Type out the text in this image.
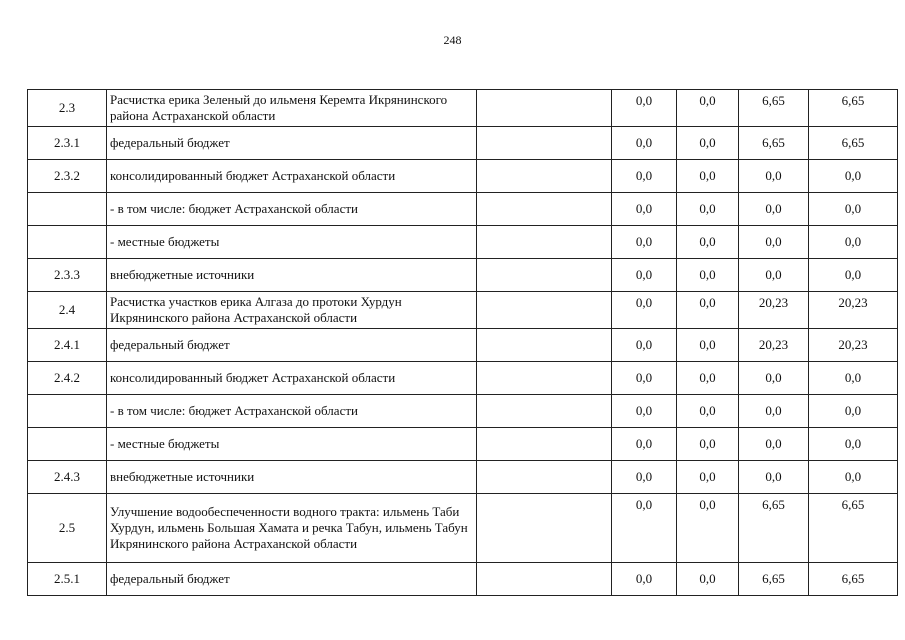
248
2.3	Расчистка ерика Зеленый до ильменя Керемта Икрянинского района Астраханской области		0,0	0,0	6,65	6,65
2.3.1	федеральный бюджет		0,0	0,0	6,65	6,65
2.3.2	консолидированный бюджет Астраханской области		0,0	0,0	0,0	0,0
	- в том числе: бюджет Астраханской области		0,0	0,0	0,0	0,0
	- местные бюджеты		0,0	0,0	0,0	0,0
2.3.3	внебюджетные источники		0,0	0,0	0,0	0,0
2.4	Расчистка участков ерика Алгаза до протоки Хурдун Икрянинского района Астраханской области		0,0	0,0	20,23	20,23
2.4.1	федеральный бюджет		0,0	0,0	20,23	20,23
2.4.2	консолидированный бюджет Астраханской области		0,0	0,0	0,0	0,0
	- в том числе: бюджет Астраханской области		0,0	0,0	0,0	0,0
	- местные бюджеты		0,0	0,0	0,0	0,0
2.4.3	внебюджетные источники		0,0	0,0	0,0	0,0
2.5	Улучшение водообеспеченности водного тракта: ильмень Таби Хурдун, ильмень Большая Хамата и речка Табун, ильмень Табун Икрянинского района Астраханской области		0,0	0,0	6,65	6,65
2.5.1	федеральный бюджет		0,0	0,0	6,65	6,65
